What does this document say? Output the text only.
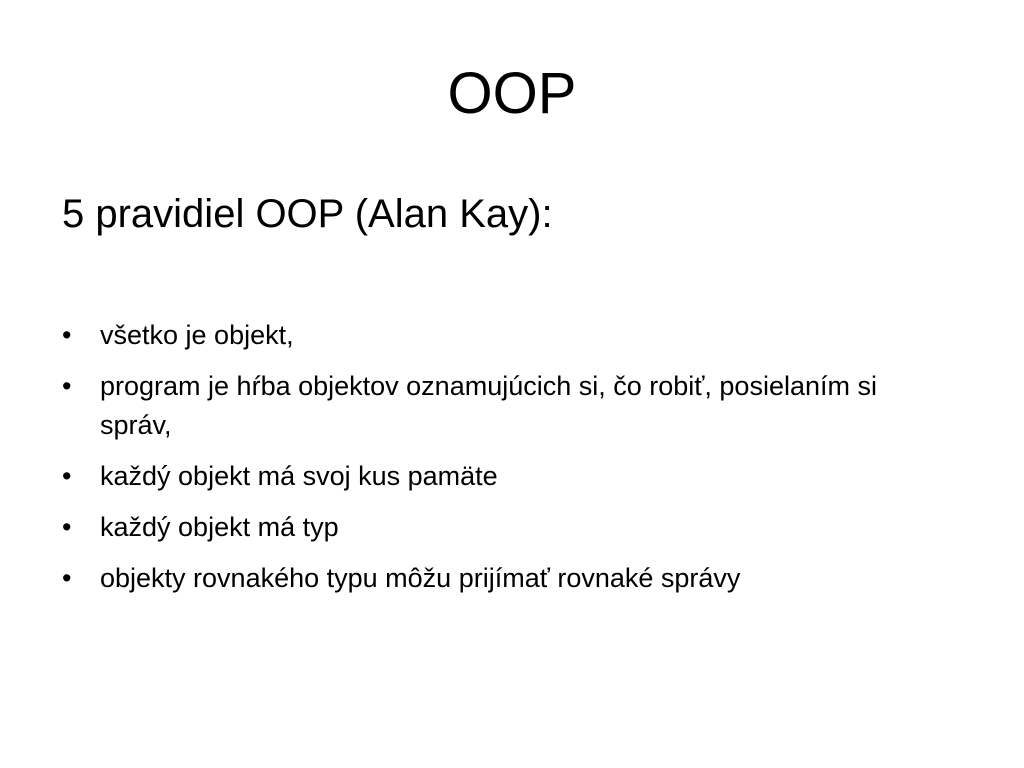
OOP
5 pravidiel OOP (Alan Kay):
•	všetko je objekt,
•	program je hŕba objektov oznamujúcich si, čo robiť, posielaním si správ,
•	každý objekt má svoj kus pamäte
•	každý objekt má typ
•	objekty rovnakého typu môžu prijímať rovnaké správy
